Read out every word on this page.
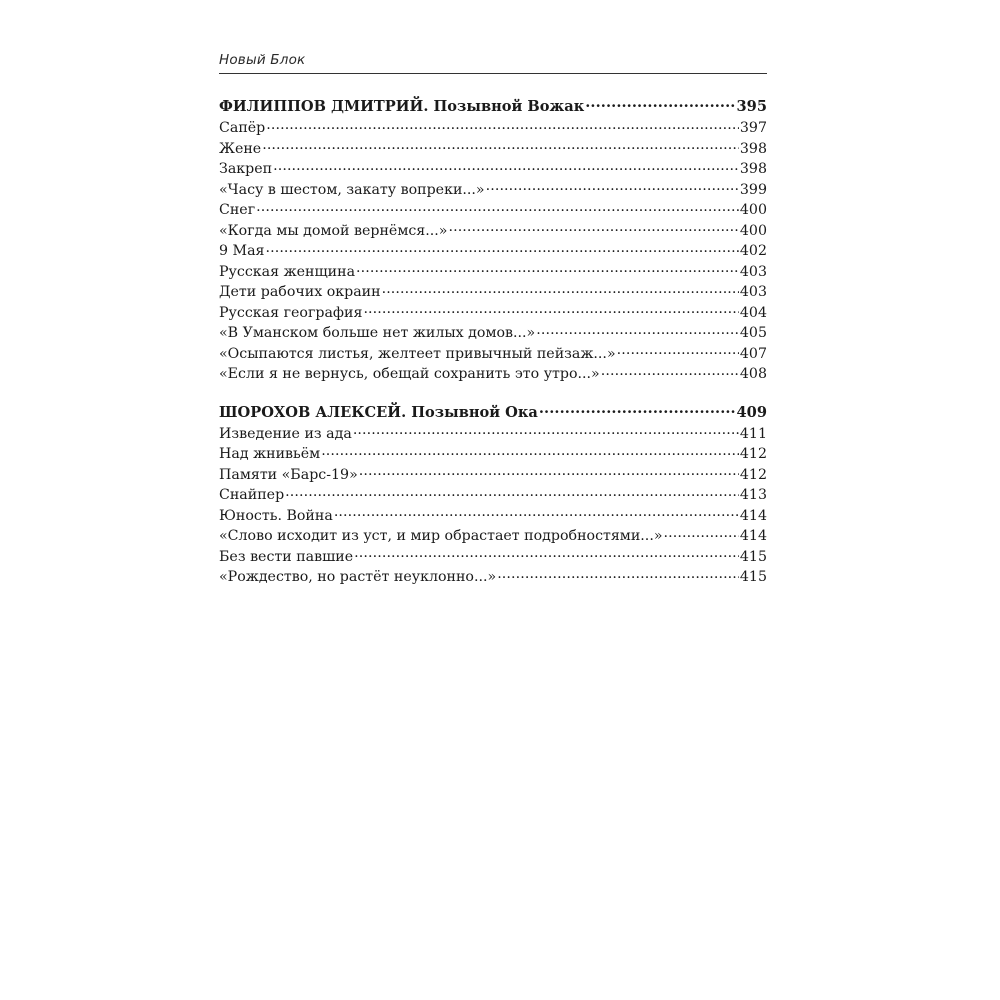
Новый Блок
ФИЛИППОВ ДМИТРИЙ. Позывной Вожак .....	395
Сапёр .....	397
Жене .....	398
Закреп .....	398
«Часу в шестом, закату вопреки...» .....	399
Снег .....	400
«Когда мы домой вернёмся...» .....	400
9 Мая .....	402
Русская женщина .....	403
Дети рабочих окраин .....	403
Русская география .....	404
«В Уманском больше нет жилых домов...» .....	405
«Осыпаются листья, желтеет привычный пейзаж...» .....	407
«Если я не вернусь, обещай сохранить это утро...» .....	408
ШОРОХОВ АЛЕКСЕЙ. Позывной Ока .....	409
Изведение из ада .....	411
Над жнивьём .....	412
Памяти «Барс-19» .....	412
Снайпер .....	413
Юность. Война .....	414
«Слово исходит из уст, и мир обрастает подробностями...» .....	414
Без вести павшие .....	415
«Рождество, но растёт неуклонно...» .....	415
